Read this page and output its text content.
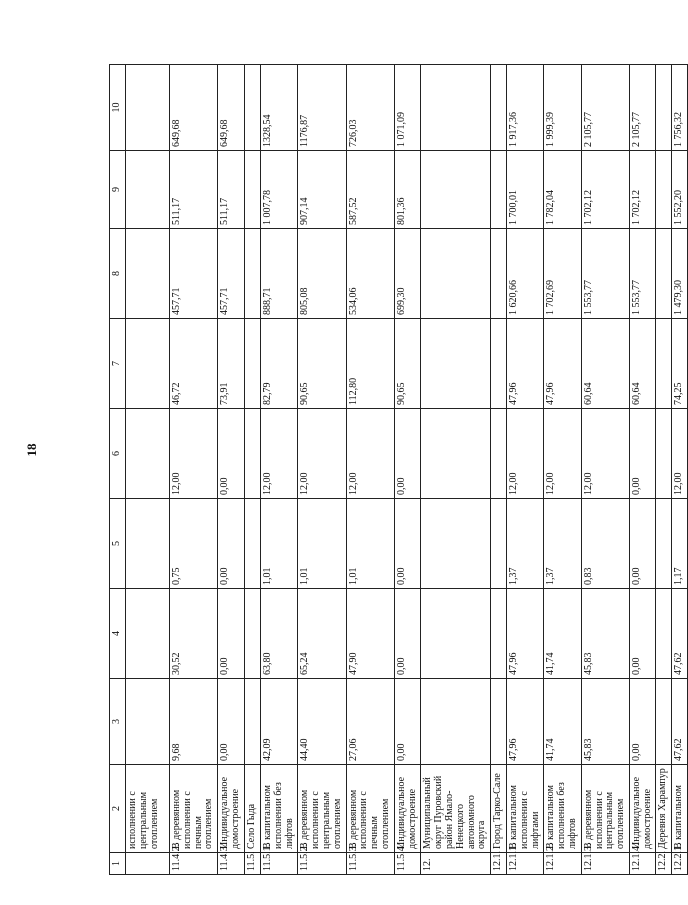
18
1	2	3	4	5	6	7	8	9	10
	исполнении с центральным отоплением								
11.4.2.	В деревянном исполнении с печным отоплением	9,68	30,52	0,75	12,00	46,72	457,71	511,17	649,68
11.4.3.	Индивидуальное домостроение	0,00	0,00	0,00	0,00	73,91	457,71	511,17	649,68
11.5.	Село Гыда								
11.5.1.	В капитальном исполнении без лифтов	42,09	63,80	1,01	12,00	82,79	888,71	1 007,78	1328,54
11.5.2.	В деревянном исполнении с центральным отоплением	44,40	65,24	1,01	12,00	90,65	805,08	907,14	1176,87
11.5.3.	В деревянном исполнении с печным отоплением	27,06	47,90	1,01	12,00	112,80	534,06	587,52	726,03
11.5.4.	Индивидуальное домостроение	0,00	0,00	0,00	0,00	90,65	699,30	801,36	1 071,09
12.	Муниципальный округ Пуровский район Ямало-Ненецкого автономного округа								
12.1.	Город Тарко-Сале								
12.1.1.	В капитальном исполнении с лифтами	47,96	47,96	1,37	12,00	47,96	1 620,66	1 700,01	1 917,36
12.1.2.	В капитальном исполнении без лифтов	41,74	41,74	1,37	12,00	47,96	1 702,69	1 782,04	1 999,39
12.1.3.	В деревянном исполнении с центральным отоплением	45,83	45,83	0,83	12,00	60,64	1 553,77	1 702,12	2 105,77
12.1.4.	Индивидуальное домостроение	0,00	0,00	0,00	0,00	60,64	1 553,77	1 702,12	2 105,77
12.2.	Деревня Харампур								
12.2.1.	В капитальном	47,62	47,62	1,17	12,00	74,25	1 479,30	1 552,20	1 756,32
